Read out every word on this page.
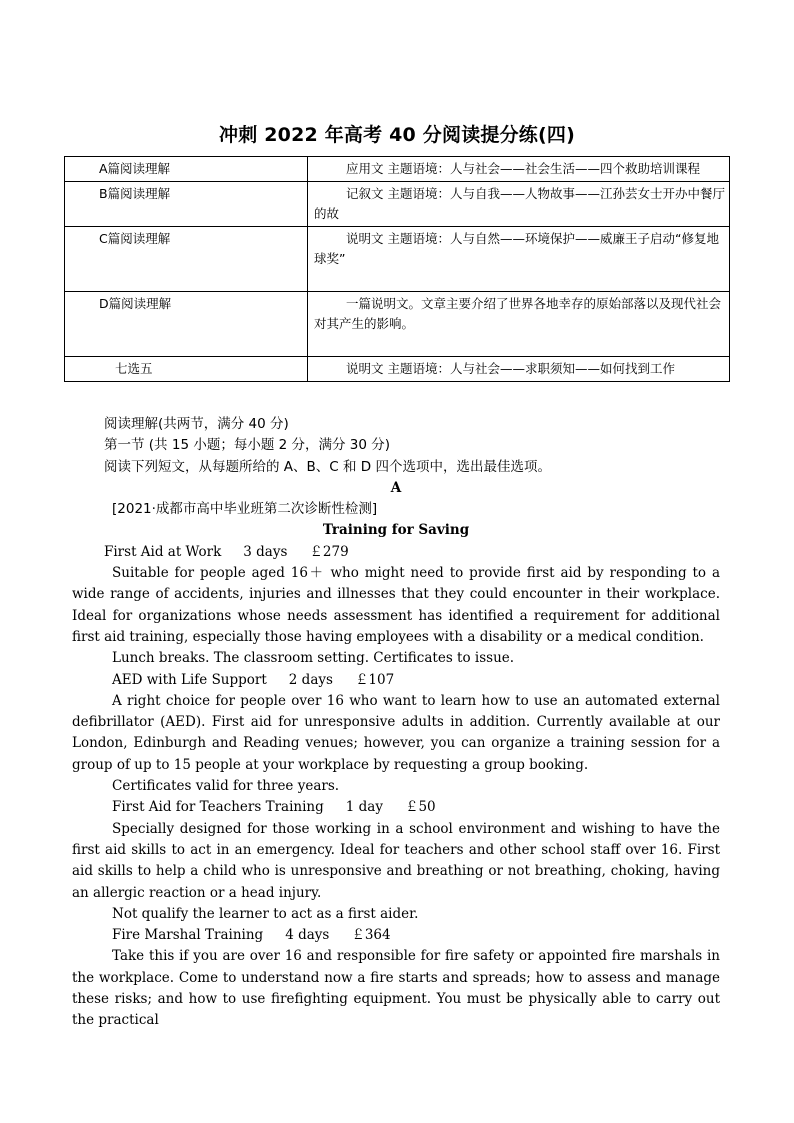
冲刺 2022 年高考 40 分阅读提分练(四)
A篇阅读理解	应用文 主题语境：人与社会——社会生活——四个救助培训课程
B篇阅读理解	记叙文 主题语境：人与自我——人物故事——江孙芸女士开办中餐厅的故
C篇阅读理解	说明文 主题语境：人与自然——环境保护——威廉王子启动“修复地球奖”
D篇阅读理解	一篇说明文。文章主要介绍了世界各地幸存的原始部落以及现代社会对其产生的影响。
七选五	说明文 主题语境：人与社会——求职须知——如何找到工作

阅读理解(共两节，满分 40 分)

第一节 (共 15 小题；每小题 2 分，满分 30 分)

阅读下列短文，从每题所给的 A、B、C 和 D 四个选项中，选出最佳选项。

A

[2021·成都市高中毕业班第二次诊断性检测]

Training for Saving

First Aid at Work 3 days ￡279

Suitable for people aged 16＋ who might need to provide first aid by responding to a wide range of accidents, injuries and illnesses that they could encounter in their workplace. Ideal for organizations whose needs assessment has identified a requirement for additional first aid training, especially those having employees with a disability or a medical condition.

Lunch breaks. The classroom setting. Certificates to issue.

AED with Life Support 2 days ￡107

A right choice for people over 16 who want to learn how to use an automated external defibrillator (AED). First aid for unresponsive adults in addition. Currently available at our London, Edinburgh and Reading venues; however, you can organize a training session for a group of up to 15 people at your workplace by requesting a group booking.

Certificates valid for three years.

First Aid for Teachers Training 1 day ￡50

Specially designed for those working in a school environment and wishing to have the first aid skills to act in an emergency. Ideal for teachers and other school staff over 16. First aid skills to help a child who is unresponsive and breathing or not breathing, choking, having an allergic reaction or a head injury.

Not qualify the learner to act as a first aider.

Fire Marshal Training 4 days ￡364

Take this if you are over 16 and responsible for fire safety or appointed fire marshals in the workplace. Come to understand now a fire starts and spreads; how to assess and manage these risks; and how to use firefighting equipment. You must be physically able to carry out the practical
